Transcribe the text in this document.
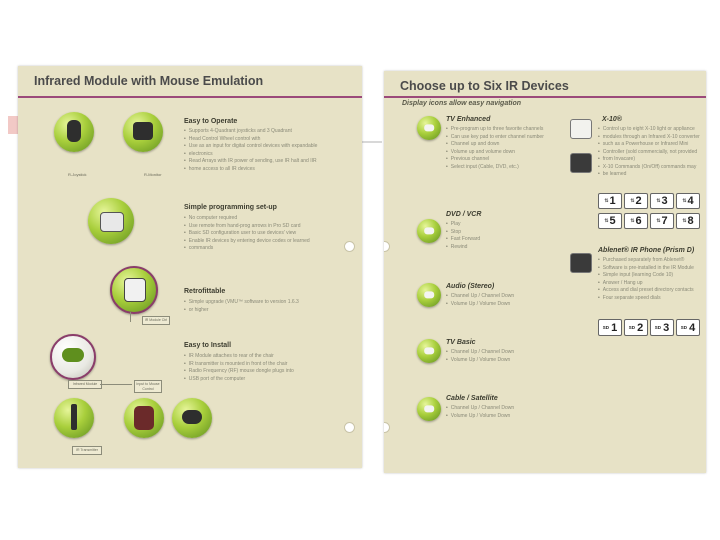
Infrared Module with Mouse Emulation
R-Joystick	R-Monitor
IR Module Ctrl
Infrared Module	Input to Mouse Control
IR Transmitter
Easy to Operate
• Supports 4-Quadrant joysticks and 3 Quadrant
• Head Control Wheel control with
• Use as an input for digital control devices with expandable
• electronics
• Read Arrays with IR power of sending, use IR halt and IIR
• home access to all IR devices
Simple programming set-up
• No computer required
• Use remote from hand-prog arrows in Pro SD card
• Basic SD configuration user to use devices' view
• Enable IR devices by entering device codes or learned
• commands
Retrofittable
• Simple upgrade (VMU™ software to version 1.6.3
• or higher
Easy to Install
• IR Module attaches to rear of the chair
• IR transmitter is mounted in front of the chair
• Radio Frequency (RF) mouse dongle plugs into
• USB port of the computer
Choose up to Six IR Devices
Display icons allow easy navigation
TV Enhanced
• Pre-program up to three favorite channels
• Can use key pad to enter channel number
• Channel up and down
• Volume up and volume down
• Previous channel
• Select input (Cable, DVD, etc.)
DVD / VCR
• Play
• Stop
• Fast Forward
• Rewind
Audio (Stereo)
• Channel Up / Channel Down
• Volume Up / Volume Down
TV Basic
• Channel Up / Channel Down
• Volume Up / Volume Down
Cable / Satellite
• Channel Up / Channel Down
• Volume Up / Volume Down
X-10®
• Control up to eight X-10 light or appliance
• modules through an Infrared X-10 converter
• such as a Powerhouse or Infrared Mini
• Controller (sold commercially, not provided
• from Invacare)
• X-10 Commands (On/Off) commands may
• be learned
⇅ 1	⇅ 2	⇅ 3	⇅ 4
⇅ 5	⇅ 6	⇅ 7	⇅ 8
Ablenet® IR Phone (Prism D)
• Purchased separately from Ablenet®
• Software is pre-installed in the IR Module
• Simple input (learning Code 10)
• Answer / Hang up
• Access and dial preset directory contacts
• Four separate speed dials
SD 1	SD 2	SD 3	SD 4
